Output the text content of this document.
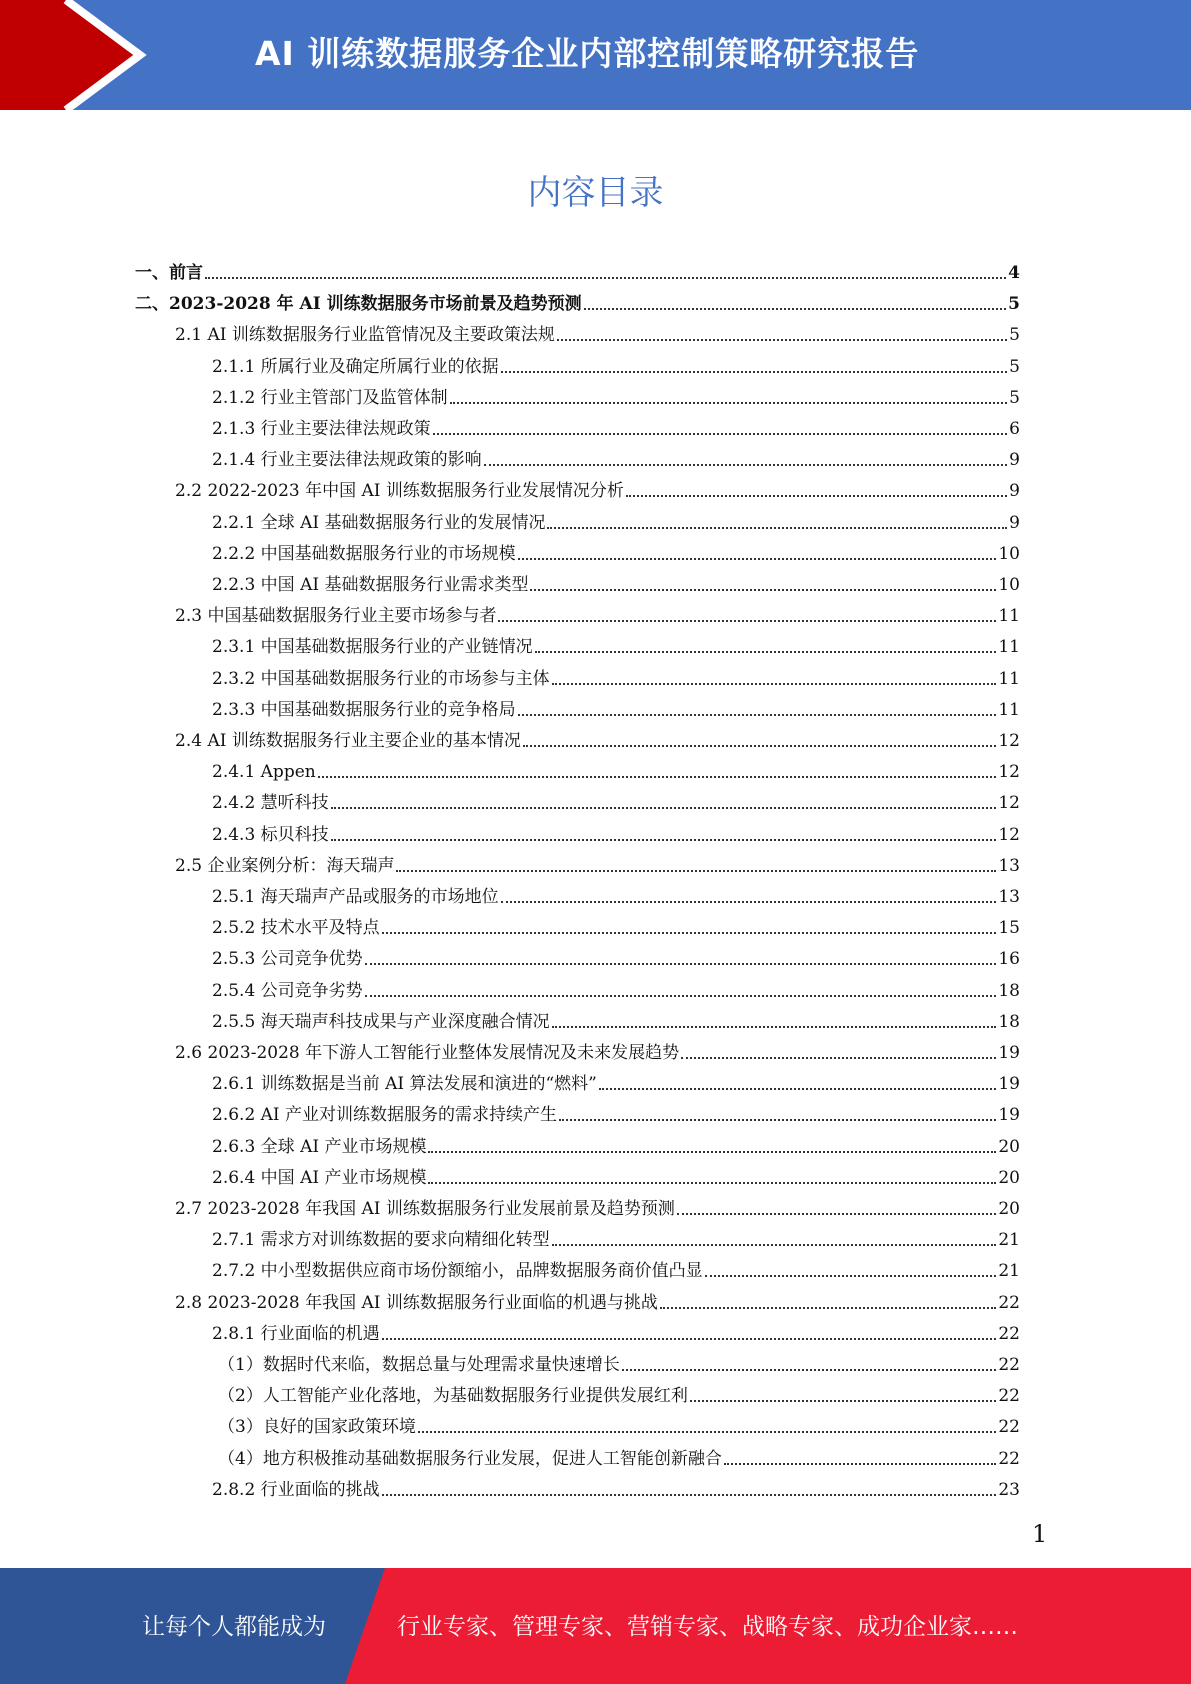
AI 训练数据服务企业内部控制策略研究报告
内容目录
一、前言	4
二、2023-2028 年 AI 训练数据服务市场前景及趋势预测	5
2.1 AI 训练数据服务行业监管情况及主要政策法规	5
2.1.1 所属行业及确定所属行业的依据	5
2.1.2 行业主管部门及监管体制	5
2.1.3 行业主要法律法规政策	6
2.1.4 行业主要法律法规政策的影响	9
2.2 2022-2023 年中国 AI 训练数据服务行业发展情况分析	9
2.2.1 全球 AI 基础数据服务行业的发展情况	9
2.2.2 中国基础数据服务行业的市场规模	10
2.2.3 中国 AI 基础数据服务行业需求类型	10
2.3 中国基础数据服务行业主要市场参与者	11
2.3.1 中国基础数据服务行业的产业链情况	11
2.3.2 中国基础数据服务行业的市场参与主体	11
2.3.3 中国基础数据服务行业的竞争格局	11
2.4 AI 训练数据服务行业主要企业的基本情况	12
2.4.1 Appen	12
2.4.2 慧听科技	12
2.4.3 标贝科技	12
2.5 企业案例分析：海天瑞声	13
2.5.1 海天瑞声产品或服务的市场地位	13
2.5.2 技术水平及特点	15
2.5.3 公司竞争优势	16
2.5.4 公司竞争劣势	18
2.5.5 海天瑞声科技成果与产业深度融合情况	18
2.6 2023-2028 年下游人工智能行业整体发展情况及未来发展趋势	19
2.6.1 训练数据是当前 AI 算法发展和演进的“燃料”	19
2.6.2 AI 产业对训练数据服务的需求持续产生	19
2.6.3 全球 AI 产业市场规模	20
2.6.4 中国 AI 产业市场规模	20
2.7 2023-2028 年我国 AI 训练数据服务行业发展前景及趋势预测	20
2.7.1 需求方对训练数据的要求向精细化转型	21
2.7.2 中小型数据供应商市场份额缩小，品牌数据服务商价值凸显	21
2.8 2023-2028 年我国 AI 训练数据服务行业面临的机遇与挑战	22
2.8.1 行业面临的机遇	22
（1）数据时代来临，数据总量与处理需求量快速增长	22
（2）人工智能产业化落地，为基础数据服务行业提供发展红利	22
（3）良好的国家政策环境	22
（4）地方积极推动基础数据服务行业发展，促进人工智能创新融合	22
2.8.2 行业面临的挑战	23
1
让每个人都能成为	行业专家、管理专家、营销专家、战略专家、成功企业家……
